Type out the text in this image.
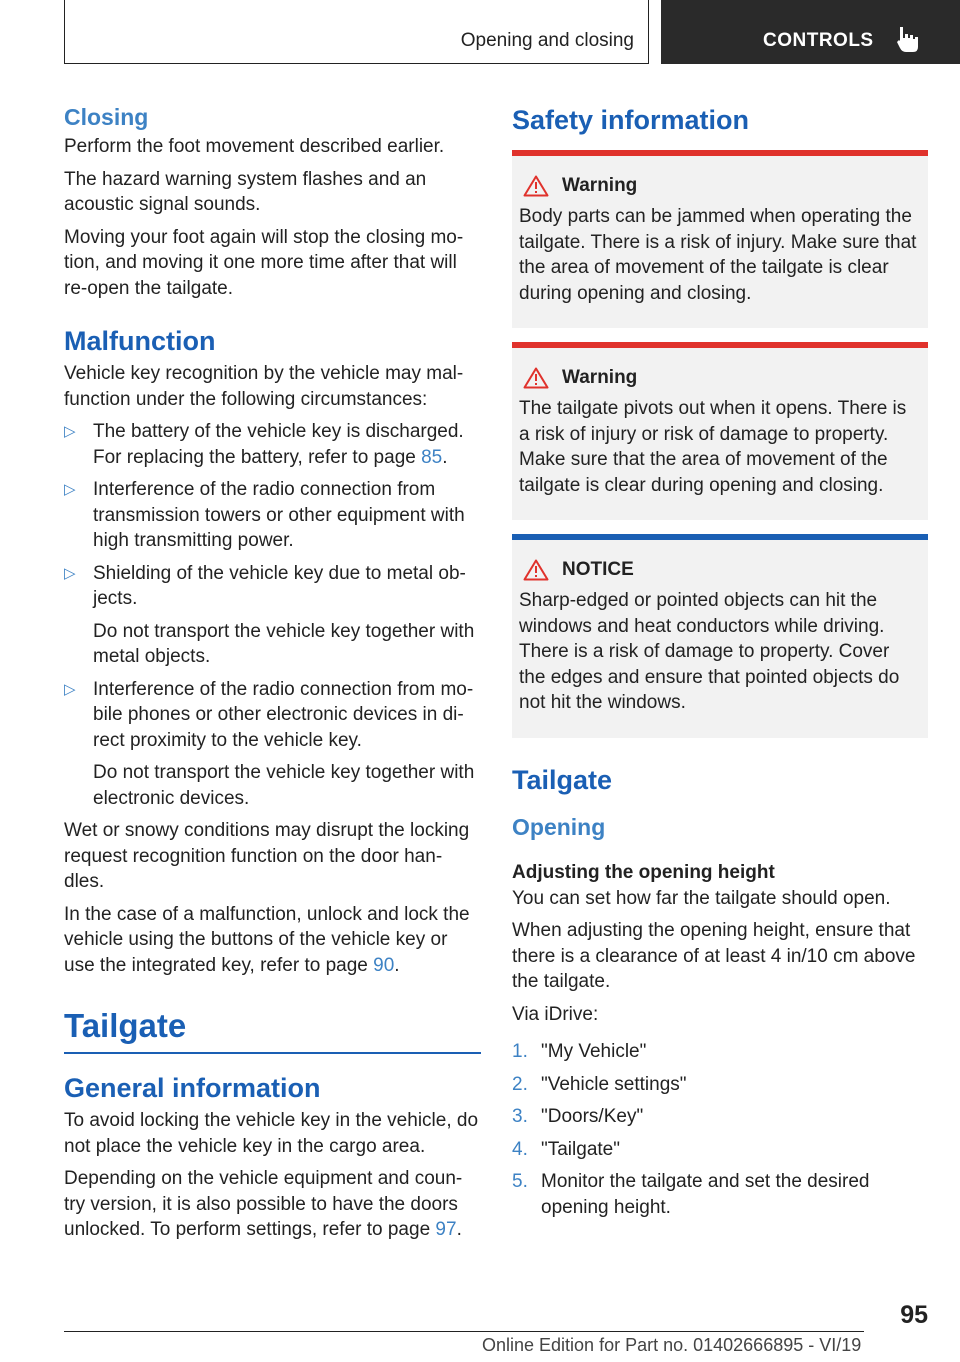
Opening and closing	CONTROLS
Closing

Perform the foot movement described earlier.

The hazard warning system flashes and an acoustic signal sounds.

Moving your foot again will stop the closing mo-tion, and moving it one more time after that will re-open the tailgate.

Malfunction

Vehicle key recognition by the vehicle may mal-function under the following circumstances:

▷ The battery of the vehicle key is discharged. For replacing the battery, refer to page 85.
▷ Interference of the radio connection from transmission towers or other equipment with high transmitting power.
▷ Shielding of the vehicle key due to metal ob-jects.
Do not transport the vehicle key together with metal objects.
▷ Interference of the radio connection from mo-bile phones or other electronic devices in di-rect proximity to the vehicle key.
Do not transport the vehicle key together with electronic devices.

Wet or snowy conditions may disrupt the locking request recognition function on the door han-dles.

In the case of a malfunction, unlock and lock the vehicle using the buttons of the vehicle key or use the integrated key, refer to page 90.

Tailgate
General information

To avoid locking the vehicle key in the vehicle, do not place the vehicle key in the cargo area.

Depending on the vehicle equipment and coun-try version, it is also possible to have the doors unlocked. To perform settings, refer to page 97.

Safety information
Warning

Body parts can be jammed when operating the tailgate. There is a risk of injury. Make sure that the area of movement of the tailgate is clear during opening and closing.

Warning

The tailgate pivots out when it opens. There is a risk of injury or risk of damage to property. Make sure that the area of movement of the tailgate is clear during opening and closing.

NOTICE

Sharp-edged or pointed objects can hit the windows and heat conductors while driving. There is a risk of damage to property. Cover the edges and ensure that pointed objects do not hit the windows.

Tailgate
Opening
Adjusting the opening height

You can set how far the tailgate should open.

When adjusting the opening height, ensure that there is a clearance of at least 4 in/10 cm above the tailgate.

Via iDrive:

1. "My Vehicle"
2. "Vehicle settings"
3. "Doors/Key"
4. "Tailgate"
5. Monitor the tailgate and set the desired opening height.
95
Online Edition for Part no. 01402666895 - VI/19
